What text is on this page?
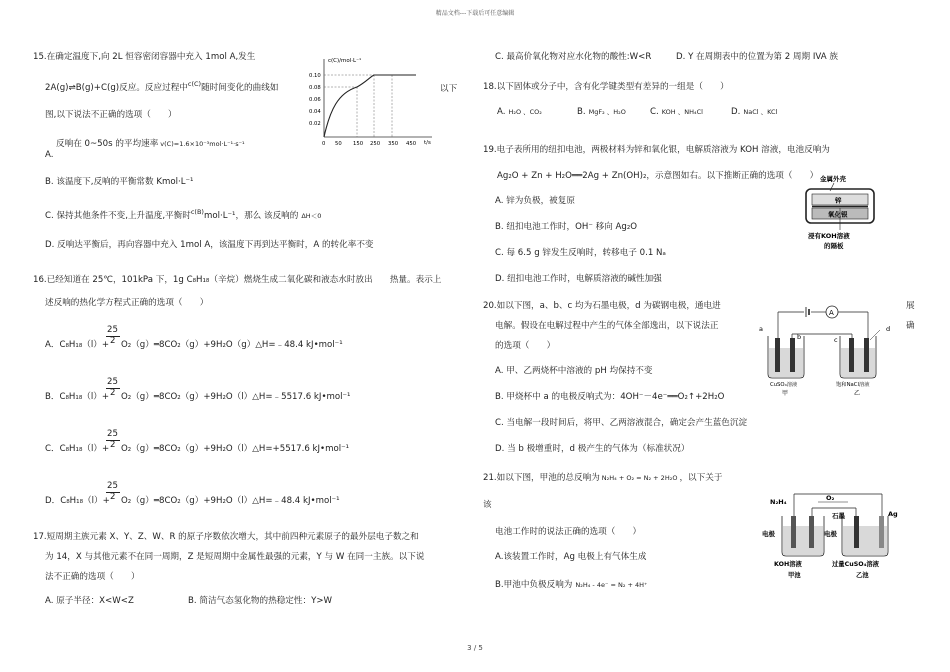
精品文档---下载后可任意编辑
15.在确定温度下,向 2L 恒容密闭容器中充入 1mol A,发生
2A(g)⇌B(g)+C(g)反应。反应过程中$^{c(C)}$随时间变化的曲线如	以下
图,以下说法不正确的选项（　　）
c(C)/mol·L⁻¹
t/s
0.10
0.08
0.06
0.04
0.02
0 50 150 250 350 450
A.
反响在 0~50s 的平均速率 v(C)=1.6×10⁻³mol·L⁻¹·s⁻¹
B. 该温度下,反响的平衡常数 Kmol·L⁻¹
C. 保持其他条件不变,上升温度,平衡时$^{c(B)}$mol·L⁻¹，那么 该反响的 ΔH＜0
D. 反响达平衡后，再向容器中充入 1mol A，该温度下再到达平衡时，A 的转化率不变
16.已经知道在 25℃，101kPa 下，1g C₈H₁₈（辛烷）燃烧生成二氧化碳和液态水时放出　　热量。表示上
述反响的热化学方程式正确的选项（　　）
25
A．C₈H₁₈（l）+ 2 O₂（g）═8CO₂（g）+9H₂O（g）△H=﹣48.4 kJ•mol⁻¹
25
B．C₈H₁₈（l）+ 2 O₂（g）═8CO₂（g）+9H₂O（l）△H=﹣5517.6 kJ•mol⁻¹
25
C．C₈H₁₈（l）+ 2 O₂（g）═8CO₂（g）+9H₂O（l）△H=+5517.6 kJ•mol⁻¹
25
D．C₈H₁₈（l）+ 2 O₂（g）═8CO₂（g）+9H₂O（l）△H=﹣48.4 kJ•mol⁻¹
17.短周期主族元素 X、Y、Z、W、R 的原子序数依次增大，其中前四种元素原子的最外层电子数之和
为 14，X 与其他元素不在同一周期，Z 是短周期中金属性最强的元素，Y 与 W 在同一主族。以下说
法不正确的选项（　　）
A. 原子半径：X<W<Z	B. 简洁气态氢化物的热稳定性：Y>W
C. 最高价氧化物对应水化物的酸性:W<R	D. Y 在周期表中的位置为第 2 周期 IVA 族
18.以下固体或分子中，含有化学键类型有差异的一组是（　　）
A. H₂O 、CO₂	B. MgF₂ 、H₂O	C. KOH 、NH₄Cl	D. NaCl 、KCl
19.电子表所用的纽扣电池，两极材料为锌和氧化银，电解质溶液为 KOH 溶液，电池反响为
Ag₂O + Zn + H₂O══2Ag + Zn(OH)₂，示意图如右。以下推断正确的选项（　　）
A. 锌为负极，被复原
B. 纽扣电池工作时，OH⁻ 移向 Ag₂O
C. 每 6.5 g 锌发生反响时，转移电子 0.1 Nₐ
D. 纽扣电池工作时，电解质溶液的碱性加强
金属外壳
锌
氧化银
浸有KOH溶液
的隔板
20.如以下图，a、b、c 均为石墨电极，d 为碳钢电极，通电进	展
电解。假设在电解过程中产生的气体全部逸出，以下说法正	确
的选项（　　）
A. 甲、乙两烧杯中溶液的 pH 均保持不变
B. 甲烧杯中 a 的电极反响式为：4OH⁻－4e⁻══O₂↑+2H₂O
C. 当电解一段时间后，将甲、乙两溶液混合，确定会产生蓝色沉淀
D. 当 b 极增重时，d 极产生的气体为（标准状况）
A
a
b	c
d
CuSO₄溶液	饱和NaCl溶液
甲	乙
21.如以下图，甲池的总反响为 N₂H₄ + O₂ = N₂ + 2H₂O ，以下关于
该
电池工作时的说法正确的选项（　　）
A.该装置工作时，Ag 电极上有气体生成
B.甲池中负极反响为 N₂H₄ - 4e⁻ = N₂ + 4H⁺
N₂H₄	O₂
石墨	Ag
电极	电极
KOH溶液	过量CuSO₄溶液
甲池	乙池
3 / 5
